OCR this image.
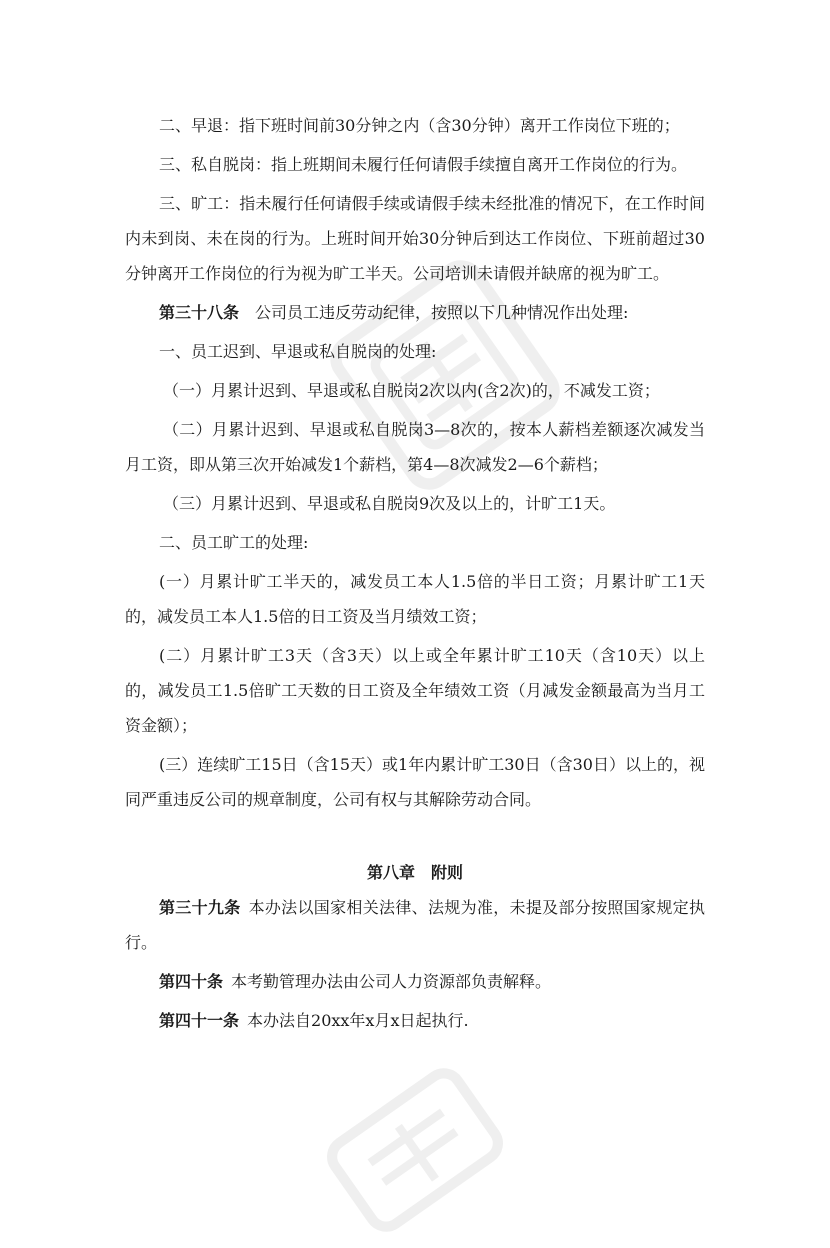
二、早退：指下班时间前30分钟之内（含30分钟）离开工作岗位下班的；

三、私自脱岗：指上班期间未履行任何请假手续擅自离开工作岗位的行为。

三、旷工：指未履行任何请假手续或请假手续未经批准的情况下，在工作时间内未到岗、未在岗的行为。上班时间开始30分钟后到达工作岗位、下班前超过30分钟离开工作岗位的行为视为旷工半天。公司培训未请假并缺席的视为旷工。

第三十八条 公司员工违反劳动纪律，按照以下几种情况作出处理:

一、员工迟到、早退或私自脱岗的处理:

（一）月累计迟到、早退或私自脱岗2次以内(含2次)的，不减发工资；

（二）月累计迟到、早退或私自脱岗3—8次的，按本人薪档差额逐次减发当月工资，即从第三次开始减发1个薪档，第4—8次减发2—6个薪档；

（三）月累计迟到、早退或私自脱岗9次及以上的，计旷工1天。

二、员工旷工的处理:

(一）月累计旷工半天的，减发员工本人1.5倍的半日工资；月累计旷工1天的，减发员工本人1.5倍的日工资及当月绩效工资；

(二）月累计旷工3天（含3天）以上或全年累计旷工10天（含10天）以上的，减发员工1.5倍旷工天数的日工资及全年绩效工资（月减发金额最高为当月工资金额）；

(三）连续旷工15日（含15天）或1年内累计旷工30日（含30日）以上的，视同严重违反公司的规章制度，公司有权与其解除劳动合同。

第八章 附则

第三十九条 本办法以国家相关法律、法规为准，未提及部分按照国家规定执行。

第四十条 本考勤管理办法由公司人力资源部负责解释。

第四十一条 本办法自20xx年x月x日起执行.
